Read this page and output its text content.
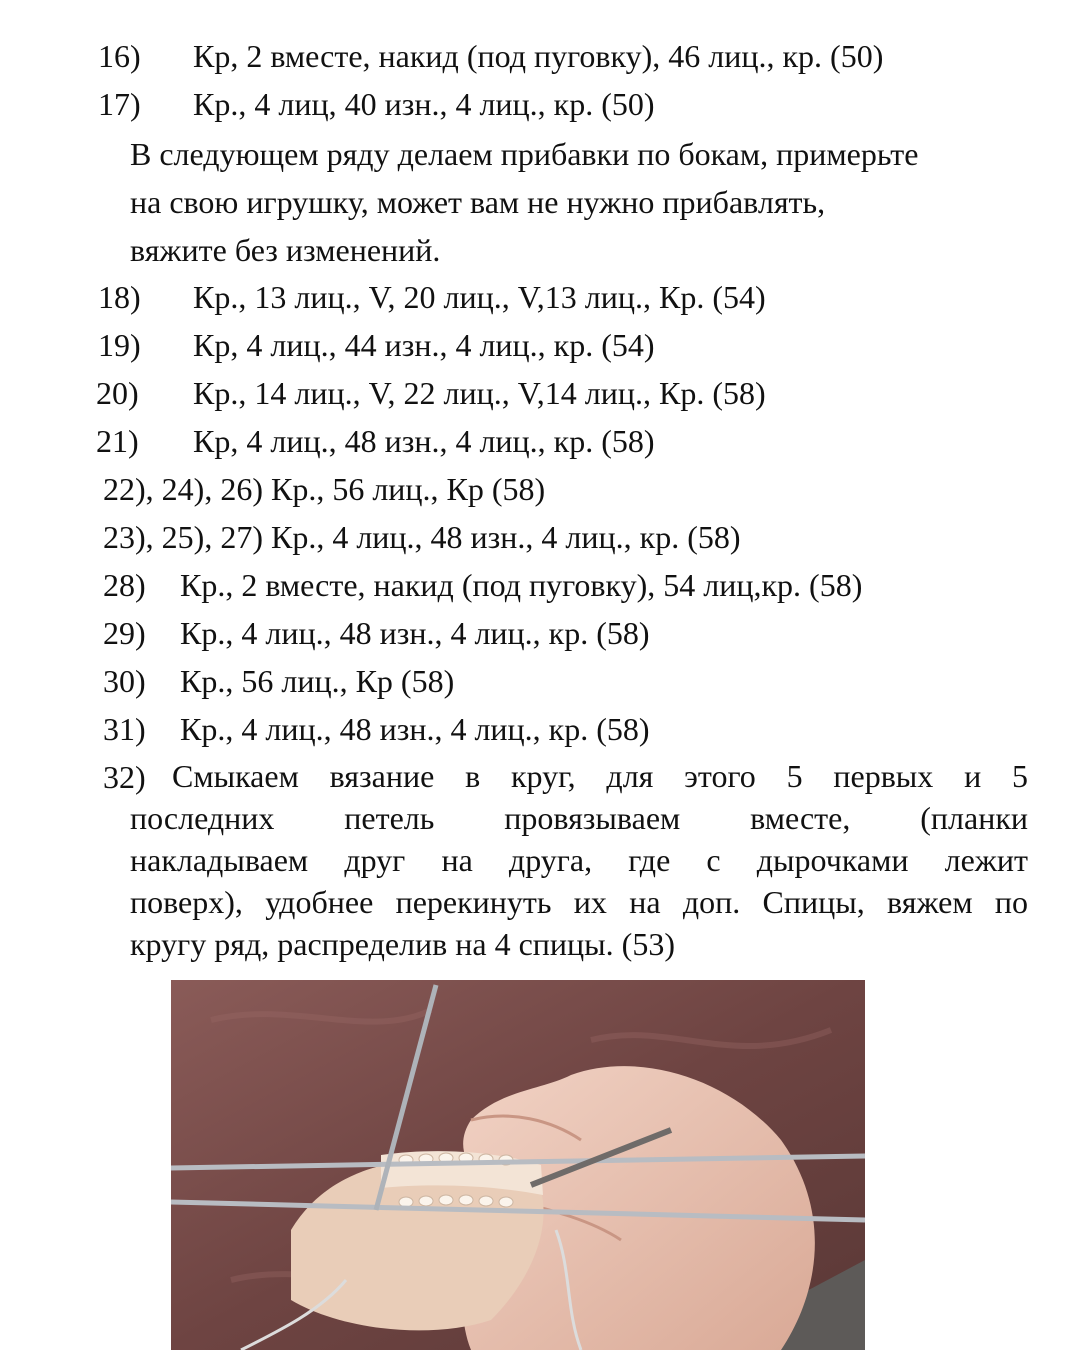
16) Кр, 2 вместе, накид (под пуговку), 46 лиц., кр. (50)
17) Кр., 4 лиц, 40 изн., 4 лиц., кр. (50)
В следующем ряду делаем прибавки по бокам, примерьте
на свою игрушку, может вам не нужно прибавлять,
вяжите без изменений.
18) Кр., 13 лиц., V, 20 лиц., V,13 лиц., Кр. (54)
19) Кр, 4 лиц., 44 изн., 4 лиц., кр. (54)
20) Кр., 14 лиц., V, 22 лиц., V,14 лиц., Кр. (58)
21) Кр, 4 лиц., 48 изн., 4 лиц., кр. (58)
22), 24), 26) Кр., 56 лиц., Кр (58)
23), 25), 27) Кр., 4 лиц., 48 изн., 4 лиц., кр. (58)
28) Кр., 2 вместе, накид (под пуговку), 54 лиц,кр. (58)
29) Кр., 4 лиц., 48 изн., 4 лиц., кр. (58)
30) Кр., 56 лиц., Кр (58)
31) Кр., 4 лиц., 48 изн., 4 лиц., кр. (58)
32) Смыкаем вязание в круг, для этого 5 первых и 5
последних петель провязываем вместе, (планки
накладываем друг на друга, где с дырочками лежит
поверх), удобнее перекинуть их на доп. Спицы, вяжем по
кругу ряд, распределив на 4 спицы. (53)
